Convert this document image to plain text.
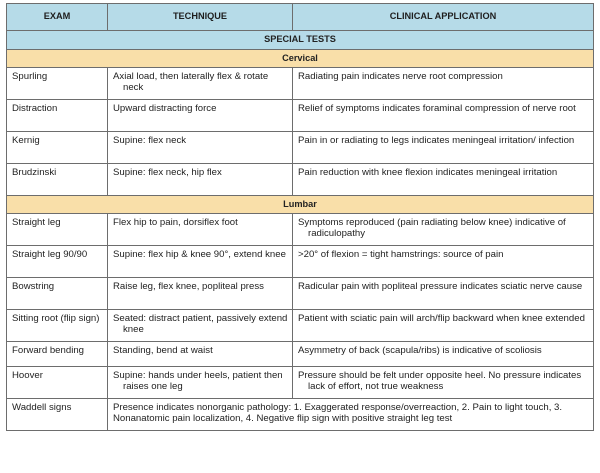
EXAM	TECHNIQUE	CLINICAL APPLICATION
SPECIAL TESTS		
Cervical		
Spurling	Axial load, then laterally flex & rotate neck	Radiating pain indicates nerve root compression

Distraction	Upward distracting force	Relief of symptoms indicates foraminal compression of nerve root

Kernig	Supine: flex neck	Pain in or radiating to legs indicates meningeal irritation/ infection

Brudzinski	Supine: flex neck, hip flex	Pain reduction with knee flexion indicates meningeal irritation

Lumbar		
Straight leg	Flex hip to pain, dorsiflex foot	Symptoms reproduced (pain radiating below knee) indicative of radiculopathy

Straight leg 90/90	Supine: flex hip & knee 90°, extend knee	>20° of flexion = tight hamstrings: source of pain

Bowstring	Raise leg, flex knee, popliteal press	Radicular pain with popliteal pressure indicates sciatic nerve cause

Sitting root (flip sign)	Seated: distract patient, passively extend knee	Patient with sciatic pain will arch/flip backward when knee extended

Forward bending	Standing, bend at waist	Asymmetry of back (scapula/ribs) is indicative of scoliosis

Hoover	Supine: hands under heels, patient then raises one leg	Pressure should be felt under opposite heel. No pressure indicates lack of effort, not true weakness

Waddell signs	Presence indicates nonorganic pathology: 1. Exaggerated response/overreaction, 2. Pain to light touch, 3. Nonanatomic pain localization, 4. Negative flip sign with positive straight leg test	
